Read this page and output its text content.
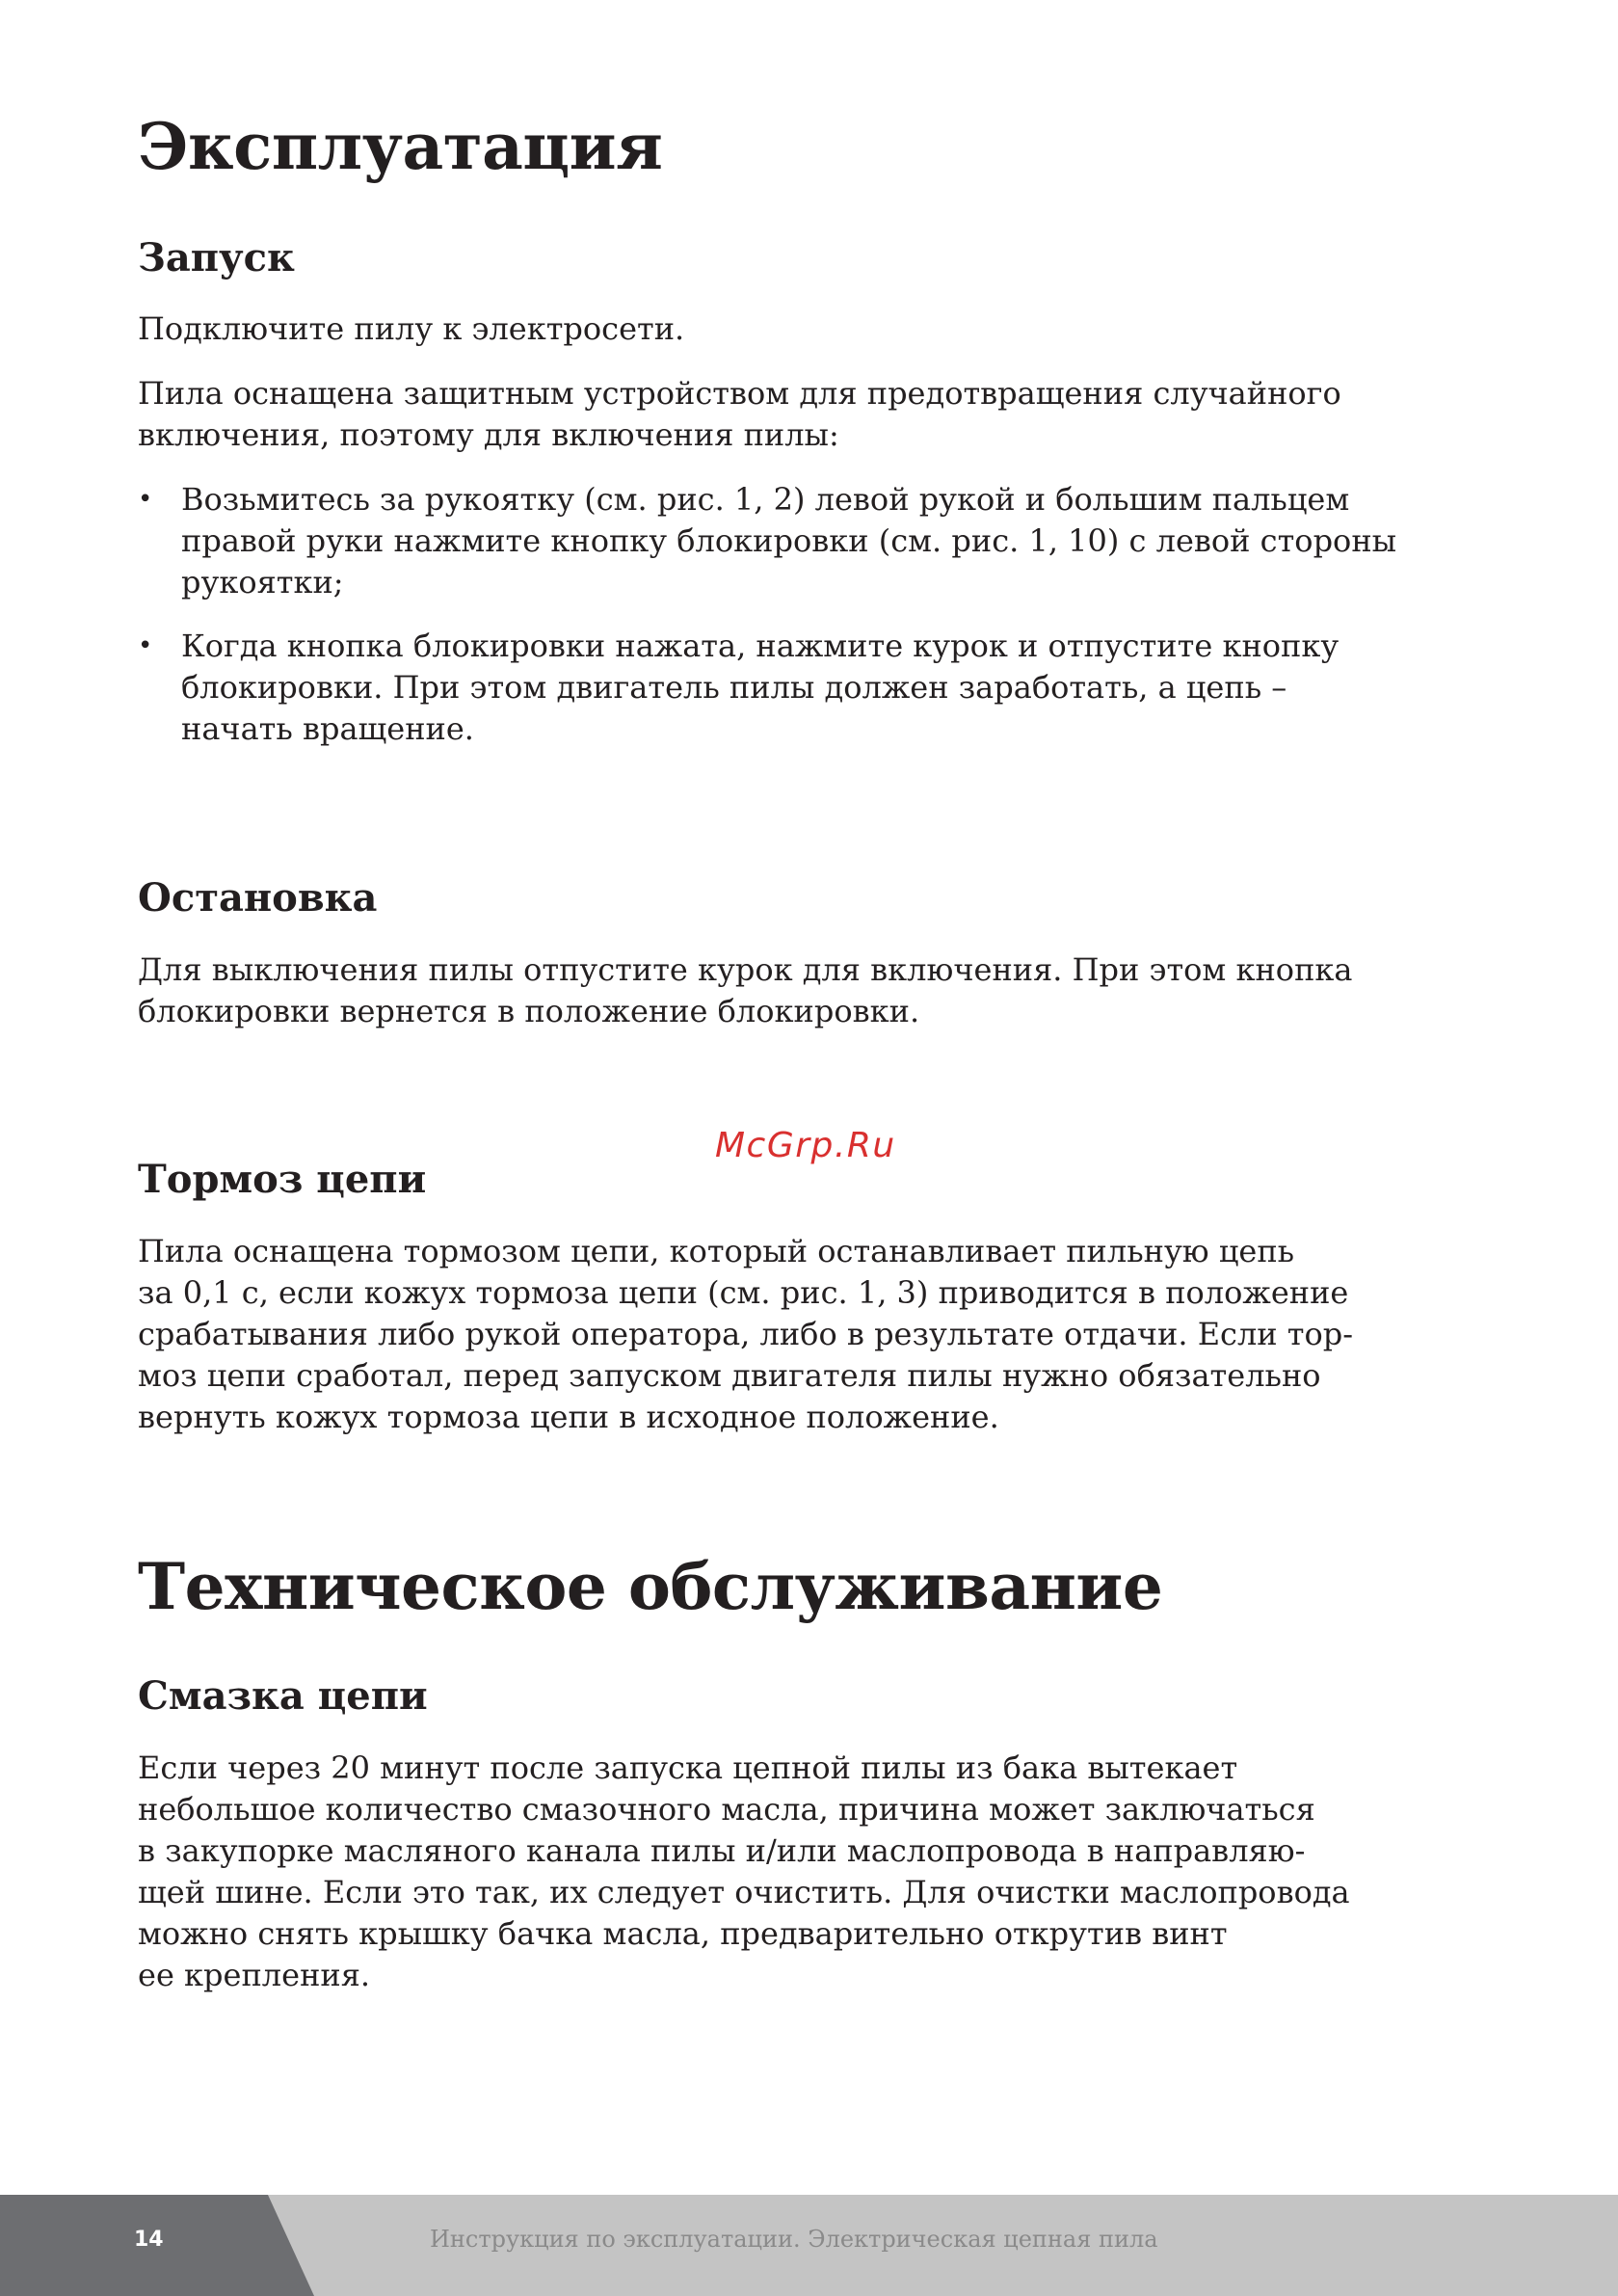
Эксплуатация
Запуск

Подключите пилу к электросети.

Пила оснащена защитным устройством для предотвращения случайного
включения, поэтому для включения пилы:

• Возьмитесь за рукоятку (см. рис. 1, 2) левой рукой и большим пальцем
правой руки нажмите кнопку блокировки (см. рис. 1, 10) с левой стороны
рукоятки;
• Когда кнопка блокировки нажата, нажмите курок и отпустите кнопку
блокировки. При этом двигатель пилы должен заработать, а цепь –
начать вращение.
Остановка

Для выключения пилы отпустите курок для включения. При этом кнопка
блокировки вернется в положение блокировки.

Тормоз цепи

Пила оснащена тормозом цепи, который останавливает пильную цепь
за 0,1 с, если кожух тормоза цепи (см. рис. 1, 3) приводится в положение
срабатывания либо рукой оператора, либо в результате отдачи. Если тор-
моз цепи сработал, перед запуском двигателя пилы нужно обязательно
вернуть кожух тормоза цепи в исходное положение.

Техническое обслуживание
Смазка цепи

Если через 20 минут после запуска цепной пилы из бака вытекает
небольшое количество смазочного масла, причина может заключаться
в закупорке масляного канала пилы и/или маслопровода в направляю-
щей шине. Если это так, их следует очистить. Для очистки маслопровода
можно снять крышку бачка масла, предварительно открутив винт
ее крепления.

McGrp.Ru
14	Инструкция по эксплуатации. Электрическая цепная пила
